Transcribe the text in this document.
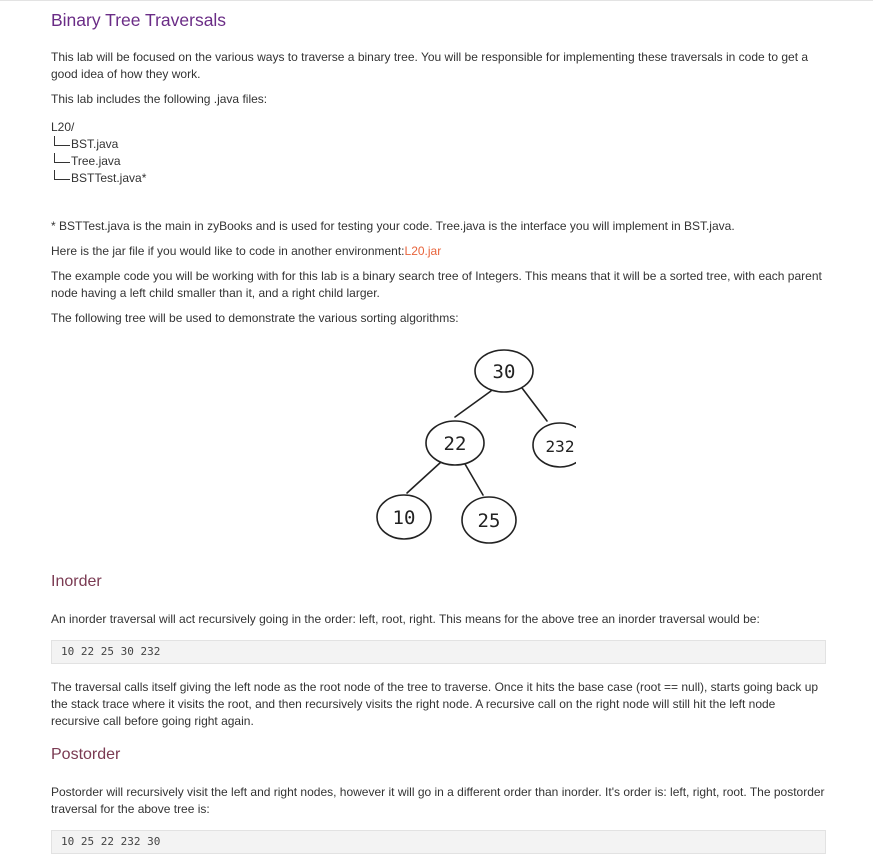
Binary Tree Traversals
This lab will be focused on the various ways to traverse a binary tree. You will be responsible for implementing these traversals in code to get a good idea of how they work.
This lab includes the following .java files:
L20/
BST.java
Tree.java
BSTTest.java*
* BSTTest.java is the main in zyBooks and is used for testing your code. Tree.java is the interface you will implement in BST.java.
Here is the jar file if you would like to code in another environment:L20.jar
The example code you will be working with for this lab is a binary search tree of Integers. This means that it will be a sorted tree, with each parent node having a left child smaller than it, and a right child larger.
The following tree will be used to demonstrate the various sorting algorithms:
30
22	232
10	25
Inorder
An inorder traversal will act recursively going in the order: left, root, right. This means for the above tree an inorder traversal would be:
10 22 25 30 232
The traversal calls itself giving the left node as the root node of the tree to traverse. Once it hits the base case (root == null), starts going back up the stack trace where it visits the root, and then recursively visits the right node. A recursive call on the right node will still hit the left node recursive call before going right again.
Postorder
Postorder will recursively visit the left and right nodes, however it will go in a different order than inorder. It's order is: left, right, root. The postorder traversal for the above tree is:
10 25 22 232 30
